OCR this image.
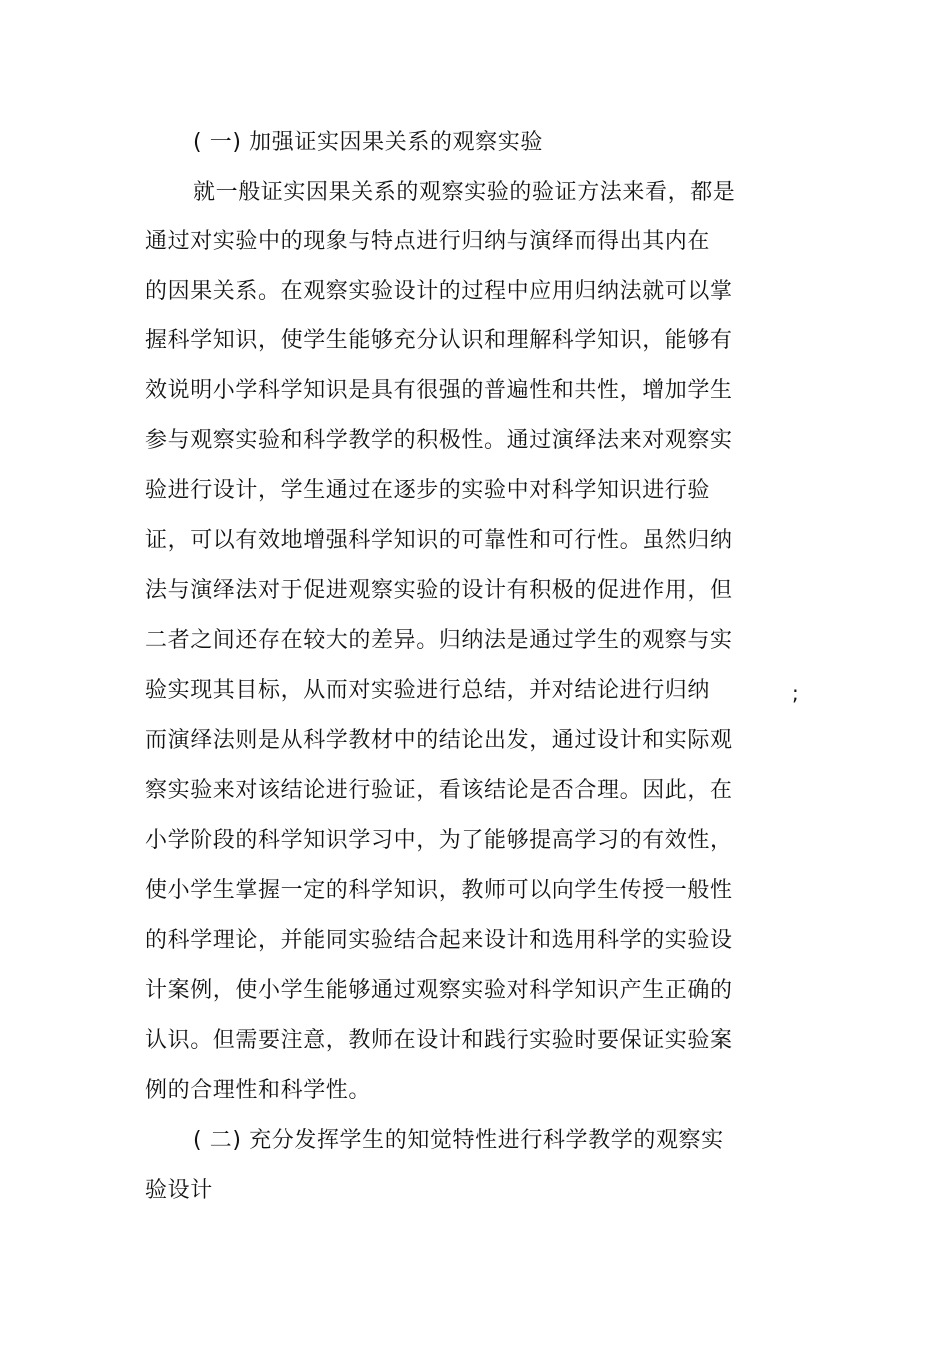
( 一) 加强证实因果关系的观察实验
就一般证实因果关系的观察实验的验证方法来看，都是
通过对实验中的现象与特点进行归纳与演绎而得出其内在
的因果关系。在观察实验设计的过程中应用归纳法就可以掌
握科学知识，使学生能够充分认识和理解科学知识，能够有
效说明小学科学知识是具有很强的普遍性和共性，增加学生
参与观察实验和科学教学的积极性。通过演绎法来对观察实
验进行设计，学生通过在逐步的实验中对科学知识进行验
证，可以有效地增强科学知识的可靠性和可行性。虽然归纳
法与演绎法对于促进观察实验的设计有积极的促进作用，但
二者之间还存在较大的差异。归纳法是通过学生的观察与实
验实现其目标，从而对实验进行总结，并对结论进行归纳	;
而演绎法则是从科学教材中的结论出发，通过设计和实际观
察实验来对该结论进行验证，看该结论是否合理。因此，在
小学阶段的科学知识学习中，为了能够提高学习的有效性，
使小学生掌握一定的科学知识，教师可以向学生传授一般性
的科学理论，并能同实验结合起来设计和选用科学的实验设
计案例，使小学生能够通过观察实验对科学知识产生正确的
认识。但需要注意，教师在设计和践行实验时要保证实验案
例的合理性和科学性。
( 二) 充分发挥学生的知觉特性进行科学教学的观察实
验设计
